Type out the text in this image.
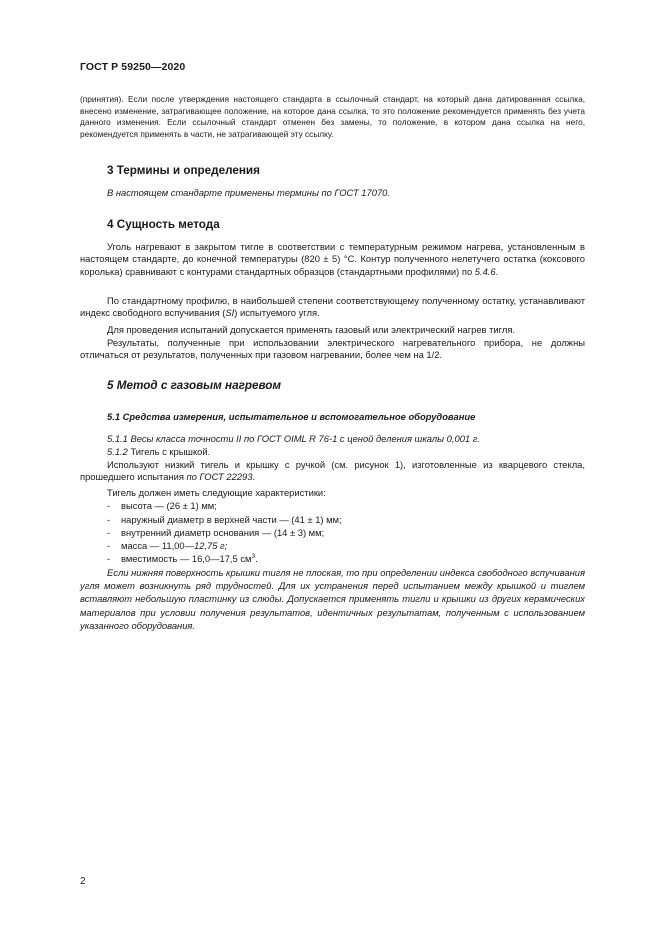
ГОСТ Р 59250—2020
(принятия). Если после утверждения настоящего стандарта в ссылочный стандарт, на который дана датированная ссылка, внесено изменение, затрагивающее положение, на которое дана ссылка, то это положение рекомендуется применять без учета данного изменения. Если ссылочный стандарт отменен без замены, то положение, в котором дана ссылка на него, рекомендуется применять в части, не затрагивающей эту ссылку.
3 Термины и определения
В настоящем стандарте применены термины по ГОСТ 17070.
4 Сущность метода
Уголь нагревают в закрытом тигле в соответствии с температурным режимом нагрева, установленным в настоящем стандарте, до конечной температуры (820 ± 5) °С. Контур полученного нелетучего остатка (коксового королька) сравнивают с контурами стандартных образцов (стандартными профилями) по 5.4.6.
По стандартному профилю, в наибольшей степени соответствующему полученному остатку, устанавливают индекс свободного вспучивания (SI) испытуемого угля.
Для проведения испытаний допускается применять газовый или электрический нагрев тигля.
Результаты, полученные при использовании электрического нагревательного прибора, не должны отличаться от результатов, полученных при газовом нагревании, более чем на 1/2.
5 Метод с газовым нагревом
5.1 Средства измерения, испытательное и вспомогательное оборудование
5.1.1 Весы класса точности II по ГОСТ OIML R 76-1 с ценой деления шкалы 0,001 г.
5.1.2 Тигель с крышкой.
Используют низкий тигель и крышку с ручкой (см. рисунок 1), изготовленные из кварцевого стекла, прошедшего испытания по ГОСТ 22293.
Тигель должен иметь следующие характеристики:
- высота — (26 ± 1) мм;
- наружный диаметр в верхней части — (41 ± 1) мм;
- внутренний диаметр основания — (14 ± 3) мм;
- масса — 11,00—12,75 г;
- вместимость — 16,0—17,5 $см^3$.
Если нижняя поверхность крышки тигля не плоская, то при определении индекса свободного вспучивания угля может возникнуть ряд трудностей. Для их устранения перед испытанием между крышкой и тиглем вставляют небольшую пластинку из слюды. Допускается применять тигли и крышки из других керамических материалов при условии получения результатов, идентичных результатам, полученным с использованием указанного оборудования.
2
